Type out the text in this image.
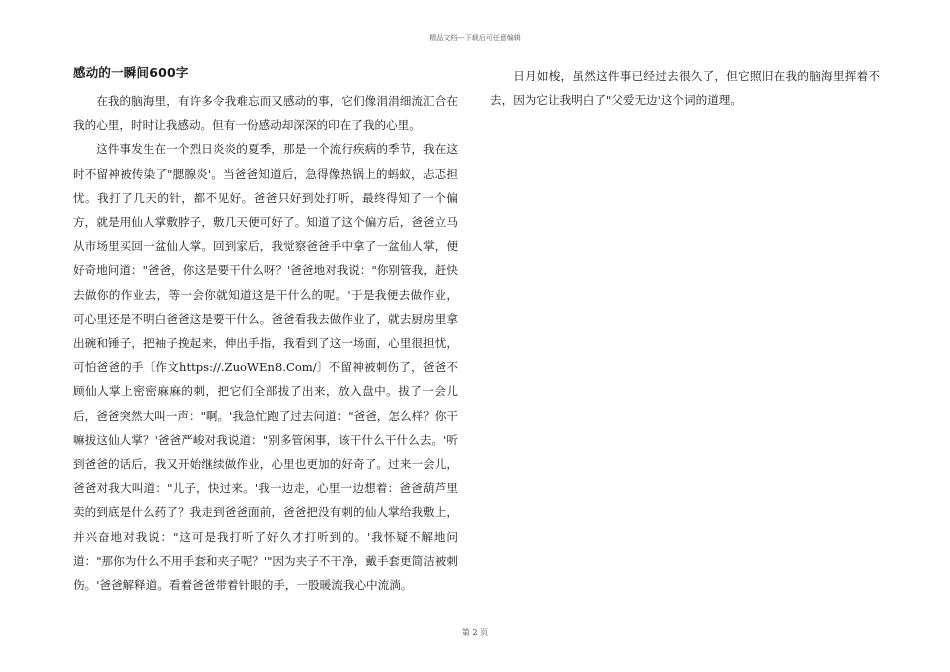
精品文档---下载后可任意编辑
感动的一瞬间600字

在我的脑海里，有许多令我难忘而又感动的事，它们像涓涓细流汇合在我的心里，时时让我感动。但有一份感动却深深的印在了我的心里。

这件事发生在一个烈日炎炎的夏季，那是一个流行疾病的季节，我在这时不留神被传染了"腮腺炎'。当爸爸知道后，急得像热锅上的蚂蚁，忐忑担忧。我打了几天的针，都不见好。爸爸只好到处打听，最终得知了一个偏方，就是用仙人掌敷脖子，敷几天便可好了。知道了这个偏方后，爸爸立马从市场里买回一盆仙人掌。回到家后，我觉察爸爸手中拿了一盆仙人掌，便好奇地问道："爸爸，你这是要干什么呀？'爸爸地对我说："你别管我，赶快去做你的作业去，等一会你就知道这是干什么的呢。'于是我便去做作业，可心里还是不明白爸爸这是要干什么。爸爸看我去做作业了，就去厨房里拿出碗和锤子，把袖子挽起来，伸出手指，我看到了这一场面，心里很担忧，可怕爸爸的手〔作文https://.ZuoWEn8.Com/〕不留神被刺伤了，爸爸不顾仙人掌上密密麻麻的刺，把它们全部拔了出来，放入盘中。拔了一会儿后，爸爸突然大叫一声："啊。'我急忙跑了过去问道："爸爸，怎么样？你干嘛拔这仙人掌？'爸爸严峻对我说道："别多管闲事，该干什么干什么去。'听到爸爸的话后，我又开始继续做作业，心里也更加的好奇了。过来一会儿，爸爸对我大叫道："儿子，快过来。'我一边走，心里一边想着：爸爸葫芦里卖的到底是什么药了？我走到爸爸面前，爸爸把没有刺的仙人掌给我敷上，并兴奋地对我说："这可是我打听了好久才打听到的。'我怀疑不解地问道："那你为什么不用手套和夹子呢？'"因为夹子不干净，戴手套更简洁被刺伤。'爸爸解释道。看着爸爸带着针眼的手，一股暖流我心中流淌。

日月如梭，虽然这件事已经过去很久了，但它照旧在我的脑海里挥着不去，因为它让我明白了"父爱无边'这个词的道理。

第 2 页
